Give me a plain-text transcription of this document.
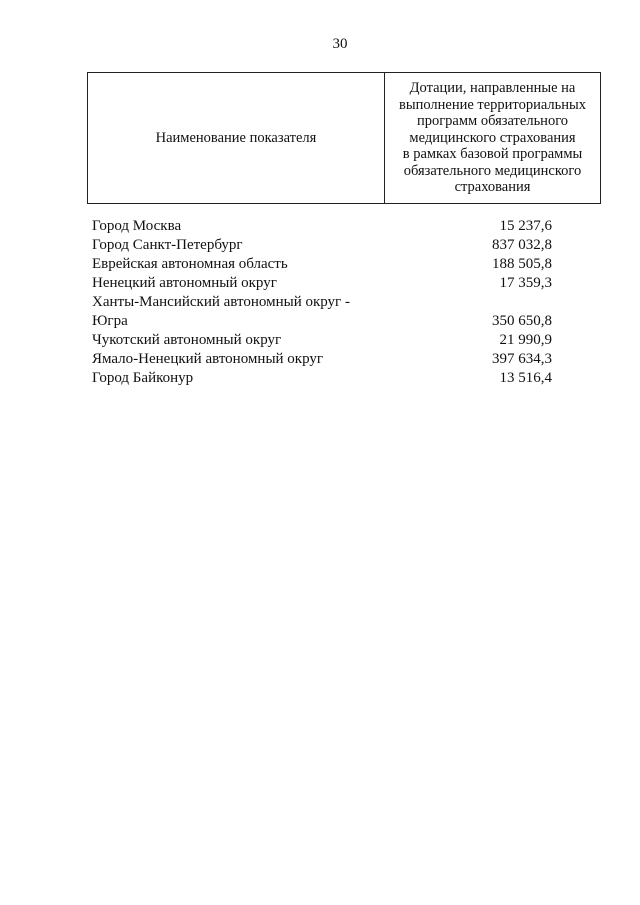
30
Наименование показателя	
Дотации, направленные на
выполнение территориальных
программ обязательного
медицинского страхования
в рамках базовой программы
обязательного медицинского
страхования
Город Москва	15 237,6
Город Санкт-Петербург	837 032,8
Еврейская автономная область	188 505,8
Ненецкий автономный округ	17 359,3
Ханты-Мансийский автономный округ -
Югра	350 650,8
Чукотский автономный округ	21 990,9
Ямало-Ненецкий автономный округ	397 634,3
Город Байконур	13 516,4
